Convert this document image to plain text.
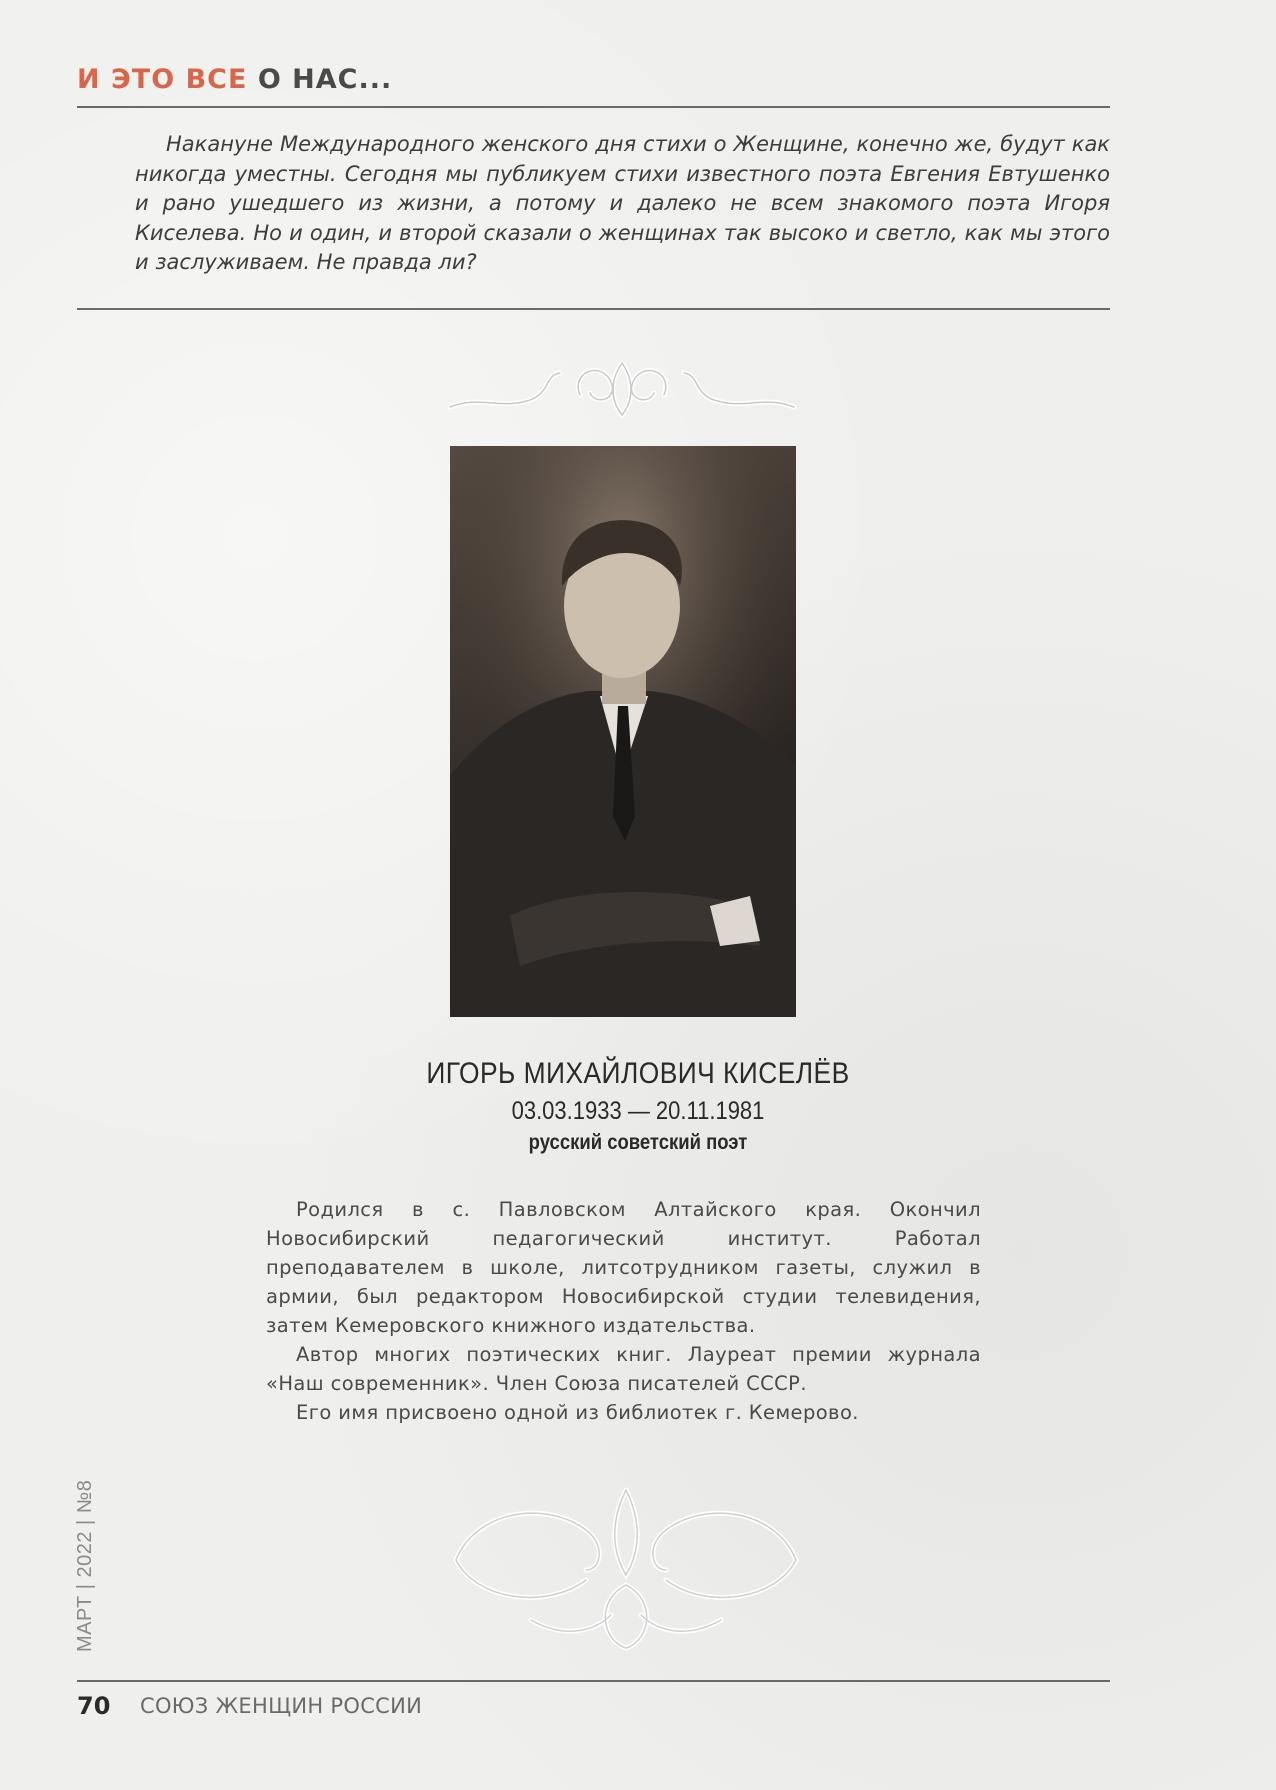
И ЭТО ВСЕ О НАС...

Накануне Международного женского дня стихи о Женщине, конечно же, будут как никогда уместны. Сегодня мы публикуем стихи известного поэта Евгения Евтушенко и рано ушедшего из жизни, а потому и далеко не всем знакомого поэта Игоря Киселева. Но и один, и второй сказали о женщинах так высоко и светло, как мы этого и заслуживаем. Не правда ли?

ИГОРЬ МИХАЙЛОВИЧ КИСЕЛЁВ
03.03.1933 — 20.11.1981
русский советский поэт

Родился в с. Павловском Алтайского края. Окончил Новосибирский педагогический институт. Работал преподавателем в школе, литсотрудником газеты, служил в армии, был редактором Новосибирской студии телевидения, затем Кемеровского книжного издательства.

Автор многих поэтических книг. Лауреат премии журнала «Наш современник». Член Союза писателей СССР.

Его имя присвоено одной из библиотек г. Кемерово.

МАРТ | 2022 | №8
70 СОЮЗ ЖЕНЩИН РОССИИ
